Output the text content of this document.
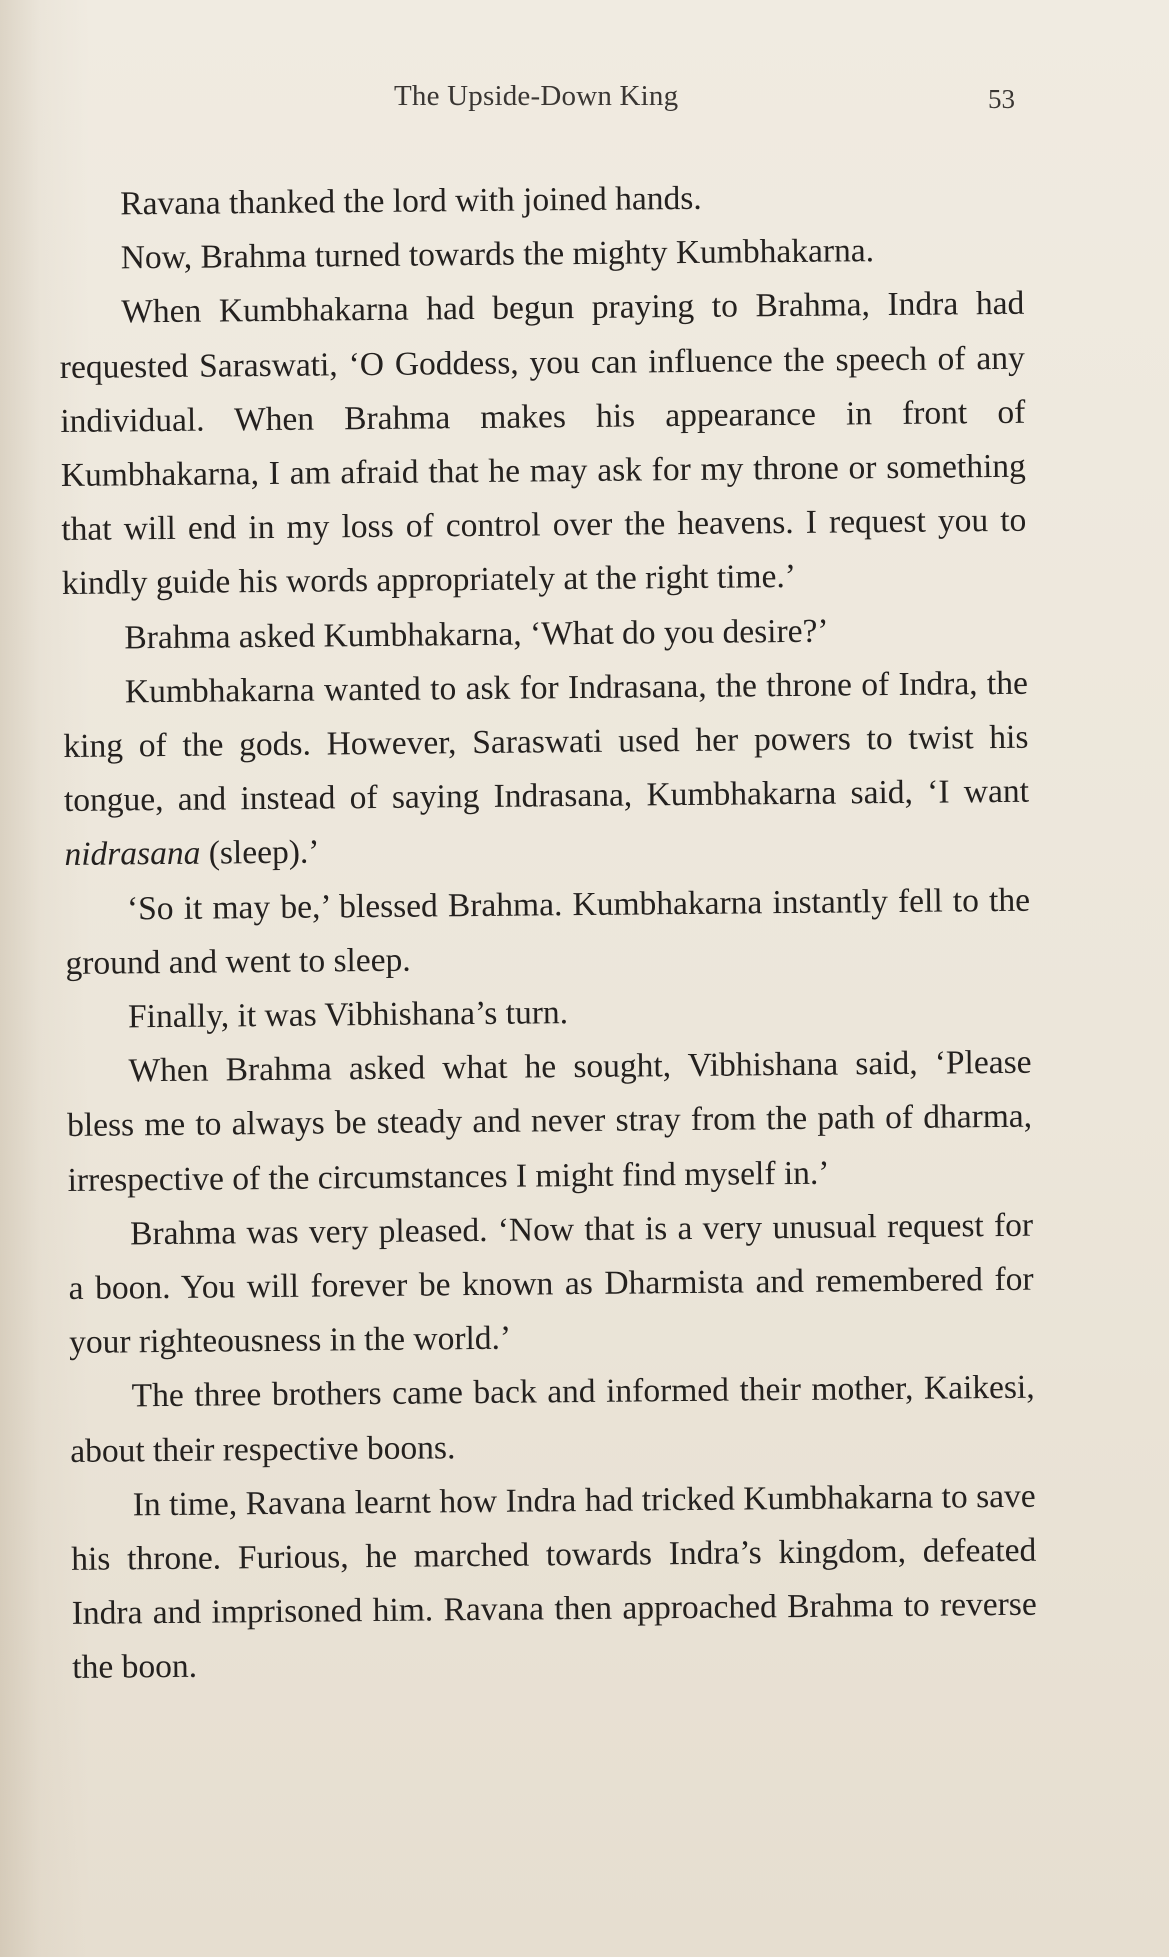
The Upside-Down King	53

Ravana thanked the lord with joined hands.

Now, Brahma turned towards the mighty Kumbhakarna.

When Kumbhakarna had begun praying to Brahma, Indra had requested Saraswati, ‘O Goddess, you can influence the speech of any individual. When Brahma makes his appearance in front of Kumbhakarna, I am afraid that he may ask for my throne or something that will end in my loss of control over the heavens. I request you to kindly guide his words appropriately at the right time.’

Brahma asked Kumbhakarna, ‘What do you desire?’

Kumbhakarna wanted to ask for Indrasana, the throne of Indra, the king of the gods. However, Saraswati used her powers to twist his tongue, and instead of saying Indrasana, Kumbhakarna said, ‘I want nidrasana (sleep).’

‘So it may be,’ blessed Brahma. Kumbhakarna instantly fell to the ground and went to sleep.

Finally, it was Vibhishana’s turn.

When Brahma asked what he sought, Vibhishana said, ‘Please bless me to always be steady and never stray from the path of dharma, irrespective of the circumstances I might find myself in.’

Brahma was very pleased. ‘Now that is a very unusual request for a boon. You will forever be known as Dharmista and remembered for your righteousness in the world.’

The three brothers came back and informed their mother, Kaikesi, about their respective boons.

In time, Ravana learnt how Indra had tricked Kumbhakarna to save his throne. Furious, he marched towards Indra’s kingdom, defeated Indra and imprisoned him. Ravana then approached Brahma to reverse the boon.
